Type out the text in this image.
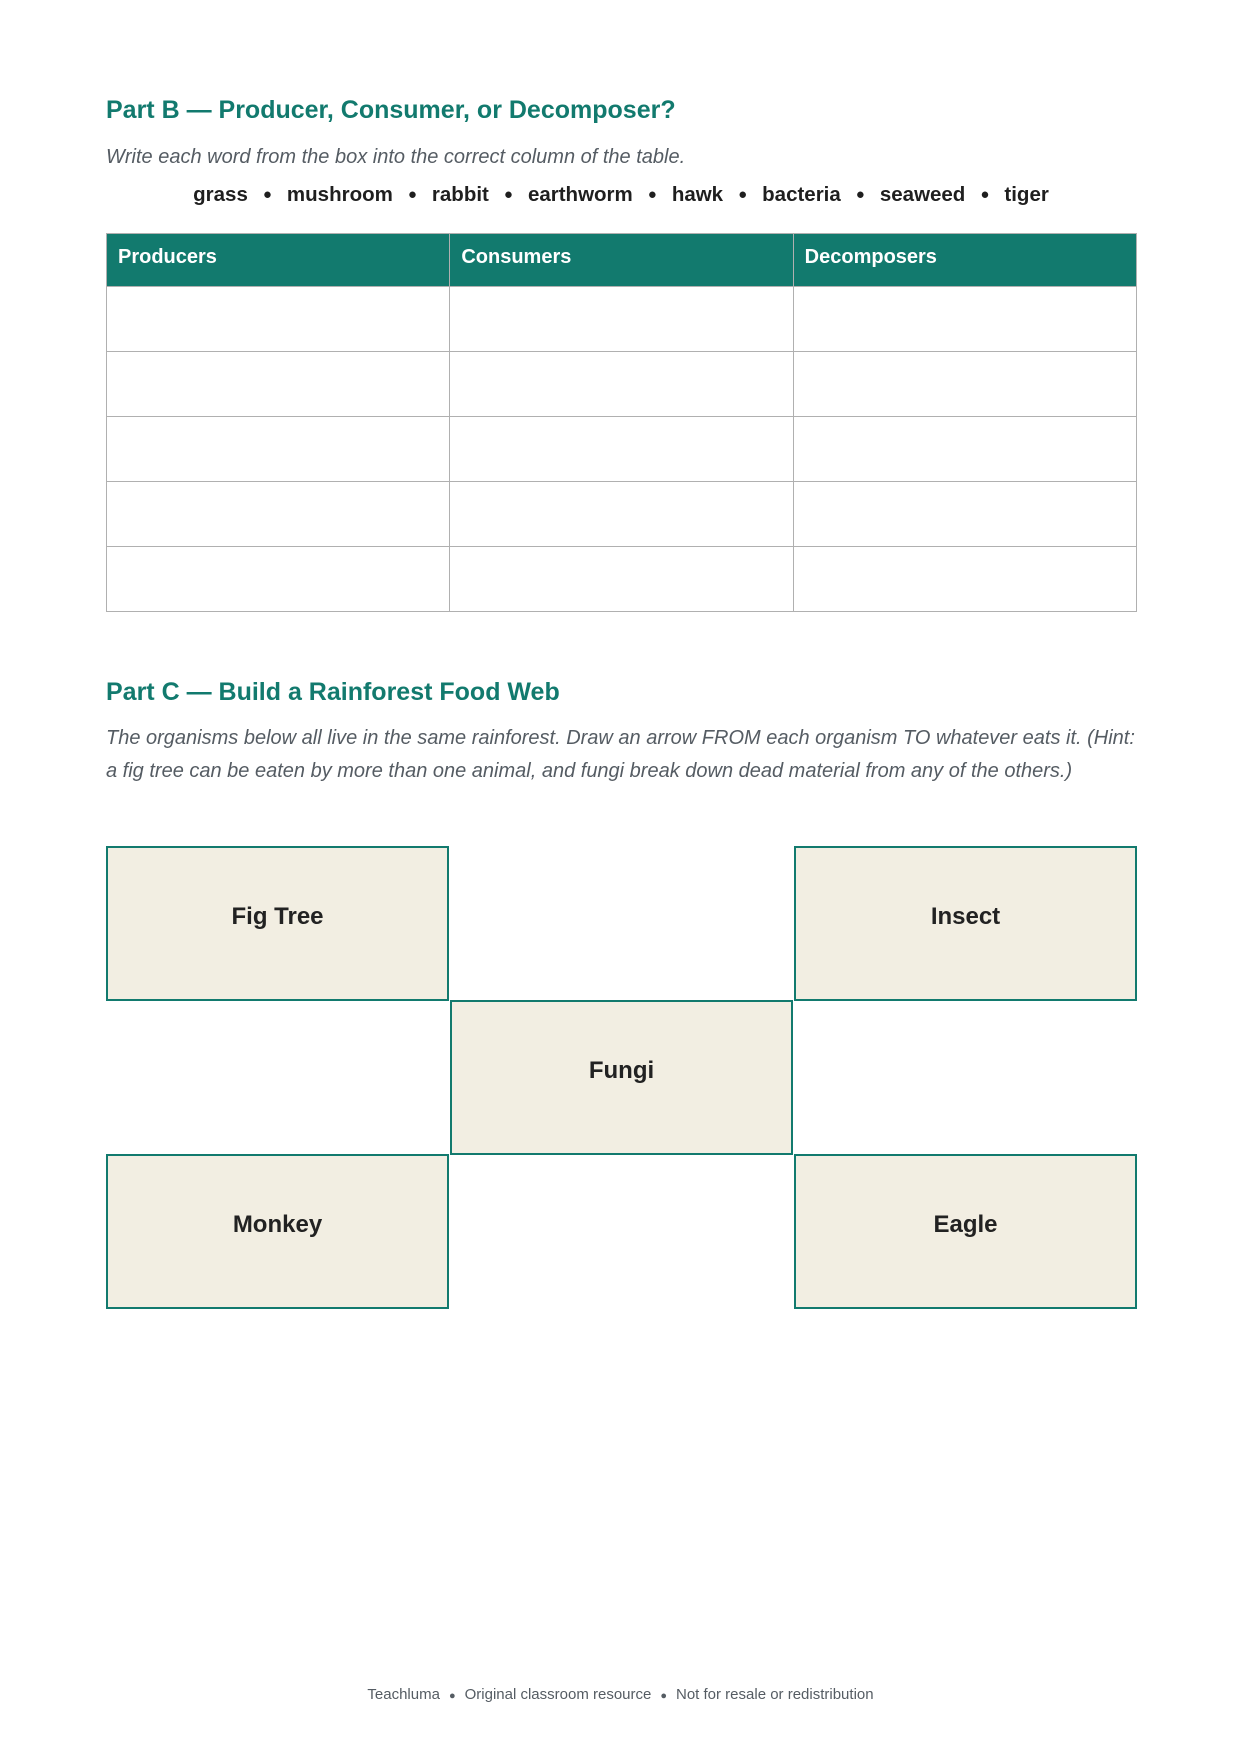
Part B — Producer, Consumer, or Decomposer?

Write each word from the box into the correct column of the table.

grass ● mushroom ● rabbit ● earthworm ● hawk ● bacteria ● seaweed ● tiger
Producers	Consumers	Decomposers

Part C — Build a Rainforest Food Web

The organisms below all live in the same rainforest. Draw an arrow FROM each organism TO whatever eats it. (Hint: a fig tree can be eaten by more than one animal, and fungi break down dead material from any of the others.)

Fig Tree	Insect
Fungi
Monkey	Eagle
Teachluma ● Original classroom resource ● Not for resale or redistribution
